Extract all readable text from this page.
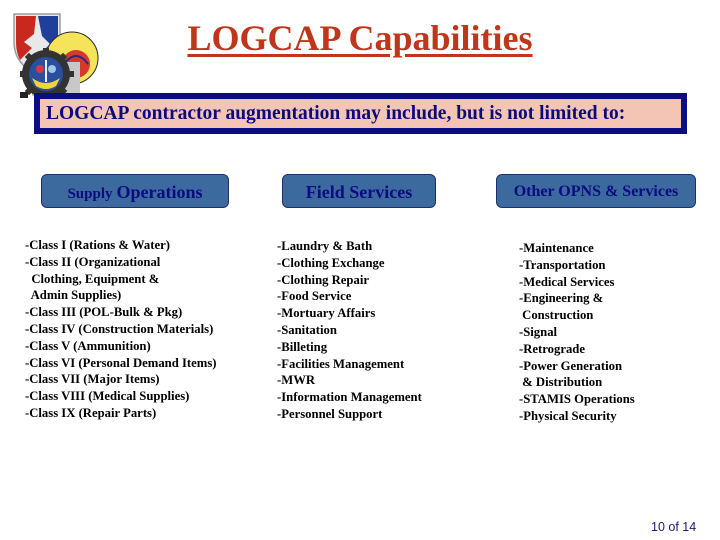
LOGCAP Capabilities
LOGCAP contractor augmentation may include, but is not limited to:
Supply Operations	Field Services	Other OPNS & Services
-Class I (Rations & Water)
-Class II (Organizational
Clothing, Equipment &
Admin Supplies)
-Class III (POL-Bulk & Pkg)
-Class IV (Construction Materials)
-Class V (Ammunition)
-Class VI (Personal Demand Items)
-Class VII (Major Items)
-Class VIII (Medical Supplies)
-Class IX (Repair Parts)
-Laundry & Bath
-Clothing Exchange
-Clothing Repair
-Food Service
-Mortuary Affairs
-Sanitation
-Billeting
-Facilities Management
-MWR
-Information Management
-Personnel Support
-Maintenance
-Transportation
-Medical Services
-Engineering &
Construction
-Signal
-Retrograde
-Power Generation
& Distribution
-STAMIS Operations
-Physical Security
10 of 14
